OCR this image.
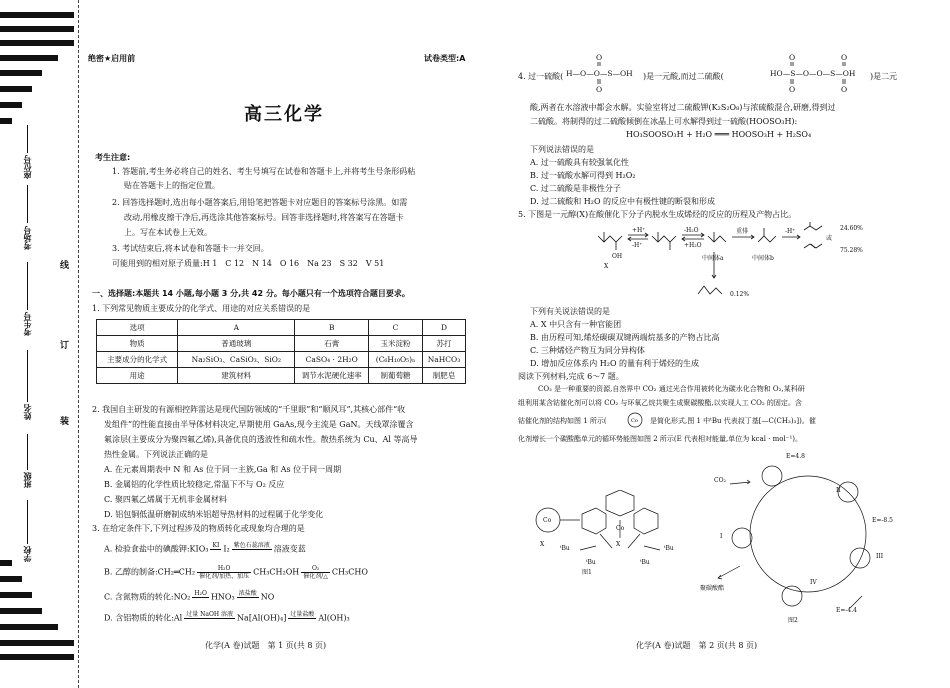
座位号
考场号
考生号
姓名
班级
学校
线
订
装
绝密★启用前	试卷类型:A
高三化学
考生注意:
1. 答题前,考生务必将自己的姓名、考生号填写在试卷和答题卡上,并将考生号条形码粘
贴在答题卡上的指定位置。
2. 回答选择题时,选出每小题答案后,用铅笔把答题卡对应题目的答案标号涂黑。如需
改动,用橡皮擦干净后,再选涂其他答案标号。回答非选择题时,将答案写在答题卡
上。写在本试卷上无效。
3. 考试结束后,将本试卷和答题卡一并交回。
可能用到的相对原子质量:H 1　C 12　N 14　O 16　Na 23　S 32　V 51
一、选择题:本题共 14 小题,每小题 3 分,共 42 分。每小题只有一个选项符合题目要求。
1. 下列常见物质主要成分的化学式、用途的对应关系错误的是
选项	A	B	C	D
物质	普通玻璃	石膏	玉米淀粉	苏打
主要成分的化学式	Na₂SiO₃、CaSiO₃、SiO₂	CaSO₄ · 2H₂O	(C₆H₁₀O₅)ₙ	NaHCO₃
用途	建筑材料	调节水泥硬化速率	制葡萄糖	制肥皂
2. 我国自主研发的有源相控阵雷达是现代国防领域的“千里眼”和“顺风耳”,其核心部件“收
发组件”的性能直接由半导体材料决定,早期使用 GaAs,现今主流是 GaN。天线罩涂覆含
氟涂层(主要成分为聚四氟乙烯),具备优良的透波性和疏水性。散热系统为 Cu、Al 等高导
热性金属。下列说法正确的是
A. 在元素周期表中 N 和 As 位于同一主族,Ga 和 As 位于同一周期
B. 金属铝的化学性质比较稳定,常温下不与 O₂ 反应
C. 聚四氟乙烯属于无机非金属材料
D. 铝包铜低温研磨制成纳米铝超导热材料的过程属于化学变化
3. 在给定条件下,下列过程涉及的物质转化或现象均合理的是
A. 检验食盐中的碘酸钾:KIO₃ KI
I₂ 紫色石蕊溶液
溶液变蓝
B. 乙醇的制备:CH₂═CH₂ $\frac{\text{H₂O}}{\text{催化剂/加热、加压}} CH_3CH_2OH \frac{\text{O₂}}{\text{催化剂/△}} CH_3CHO$
C. 含氮物质的转化:NO₂ H₂O
HNO₃ 浓盐酸
NO
D. 含铝物质的转化:Al 过量 NaOH 溶液
Na[Al(OH)₄] 过量盐酸
Al(OH)₃
化学(A 卷)试题　第 1 页(共 8 页)
4. 过一硫酸(
O
O
H—O—O—S—OH
O
O
O
O
HO—S—O—O—S—OH
)是一元酸,而过二硫酸(	)是二元
酸,两者在水溶液中都会水解。实验室将过二硫酸钾(K₂S₂O₈)与浓硫酸混合,研磨,得到过
二硫酸。将制得的过二硫酸倾倒在冰晶上可水解得到过一硫酸(HOOSO₃H):
HO₃SOOSO₃H + H₂O ═══ HOOSO₃H + H₂SO₄
下列说法错误的是
A. 过一硫酸具有较强氧化性
B. 过一硫酸水解可得到 H₂O₂
C. 过二硫酸是非极性分子
D. 过二硫酸和 H₂O 的反应中有极性键的断裂和形成
5. 下图是一元醇(X)在酸催化下分子内脱水生成烯烃的反应的历程及产物占比。
OH
X
+H⁺
-H⁺
-H₂O
+H₂O
重排	-H⁺
中间体a	中间体b
或
24.60%
75.28%
0.12%
下列有关说法错误的是
A. X 中只含有一种官能团
B. 由历程可知,烯烃碳碳双键两端烷基多的产物占比高
C. 三种烯烃产物互为同分异构体
D. 增加反应体系内 H₂O 的量有利于烯烃的生成
阅读下列材料,完成 6～7 题。
CO₂ 是一种重要的资源,自然界中 CO₂ 通过光合作用被转化为碳水化合物和 O₂,某科研
组利用某含钴催化剂可以将 CO₂ 与环氧乙烷共聚生成聚碳酸酯,以实现人工 CO₂ 的固定。含
钴催化剂的结构如图 1 所示(	Co 是简化形式,图 1 中ᵗBu 代表叔丁基[—C(CH₃)₃])。催
化剂增长一个碳酸酯单元的循环势能图如图 2 所示(E 代表相对能量,单位为 kcal · mol⁻¹)。
Co
X
Co
ᵗBu	ᵗBu
ᵗBu	ᵗBu
X
图1
E=4.8
E=-8.5
E=-4.4
CO₂
聚碳酸酯
I
II
III
IV
图2
化学(A 卷)试题　第 2 页(共 8 页)
